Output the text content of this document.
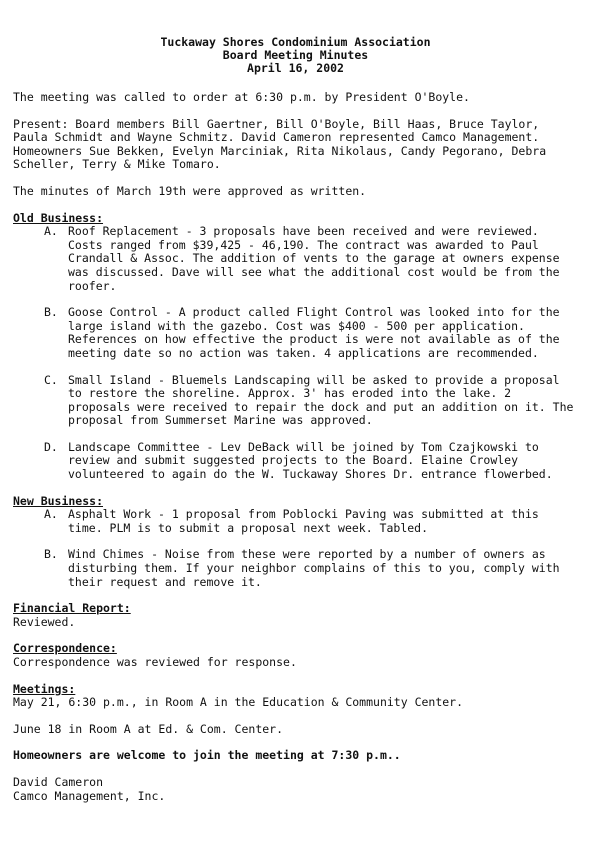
Tuckaway Shores Condominium Association
Board Meeting Minutes
April 16, 2002

The meeting was called to order at 6:30 p.m. by President O'Boyle.

Present: Board members Bill Gaertner, Bill O'Boyle, Bill Haas, Bruce Taylor, Paula Schmidt and Wayne Schmitz. David Cameron represented Camco Management. Homeowners Sue Bekken, Evelyn Marciniak, Rita Nikolaus, Candy Pegorano, Debra Scheller, Terry & Mike Tomaro.

The minutes of March 19th were approved as written.

Old Business:

A. Roof Replacement - 3 proposals have been received and were reviewed. Costs ranged from $39,425 - 46,190. The contract was awarded to Paul Crandall & Assoc. The addition of vents to the garage at owners expense was discussed. Dave will see what the additional cost would be from the roofer.
B. Goose Control - A product called Flight Control was looked into for the large island with the gazebo. Cost was $400 - 500 per application. References on how effective the product is were not available as of the meeting date so no action was taken. 4 applications are recommended.
C. Small Island - Bluemels Landscaping will be asked to provide a proposal to restore the shoreline. Approx. 3' has eroded into the lake. 2 proposals were received to repair the dock and put an addition on it. The proposal from Summerset Marine was approved.
D. Landscape Committee - Lev DeBack will be joined by Tom Czajkowski to review and submit suggested projects to the Board. Elaine Crowley volunteered to again do the W. Tuckaway Shores Dr. entrance flowerbed.

New Business:

A. Asphalt Work - 1 proposal from Poblocki Paving was submitted at this time. PLM is to submit a proposal next week. Tabled.
B. Wind Chimes - Noise from these were reported by a number of owners as disturbing them. If your neighbor complains of this to you, comply with their request and remove it.

Financial Report:

Reviewed.

Correspondence:

Correspondence was reviewed for response.

Meetings:

May 21, 6:30 p.m., in Room A in the Education & Community Center.

June 18 in Room A at Ed. & Com. Center.

Homeowners are welcome to join the meeting at 7:30 p.m..

David Cameron

Camco Management, Inc.
